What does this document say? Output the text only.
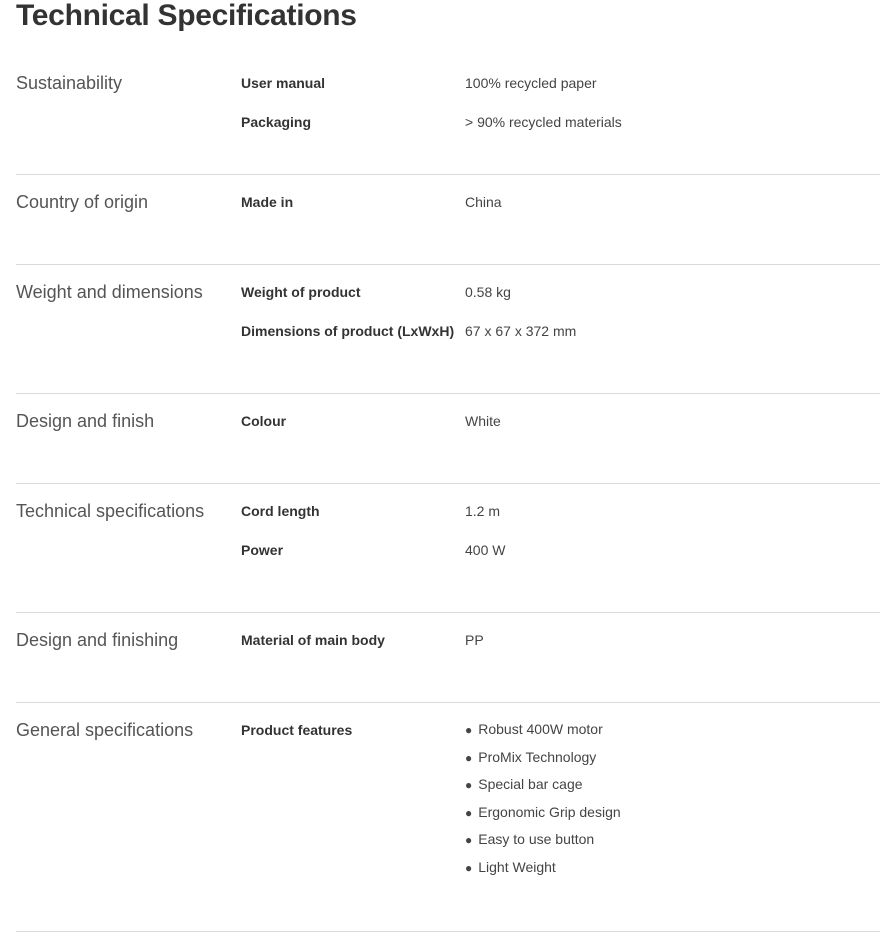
Technical Specifications
Sustainability	User manual	100% recycled paper
Packaging	> 90% recycled materials
Country of origin	Made in	China
Weight and dimensions	Weight of product	0.58 kg
Dimensions of product (LxWxH) 67 x 67 x 372 mm
Design and finish	Colour	White
Technical specifications	Cord length	1.2 m
Power	400 W
Design and finishing	Material of main body	PP
General specifications	Product features	● Robust 400W motor
● ProMix Technology
● Special bar cage
● Ergonomic Grip design
● Easy to use button
● Light Weight
